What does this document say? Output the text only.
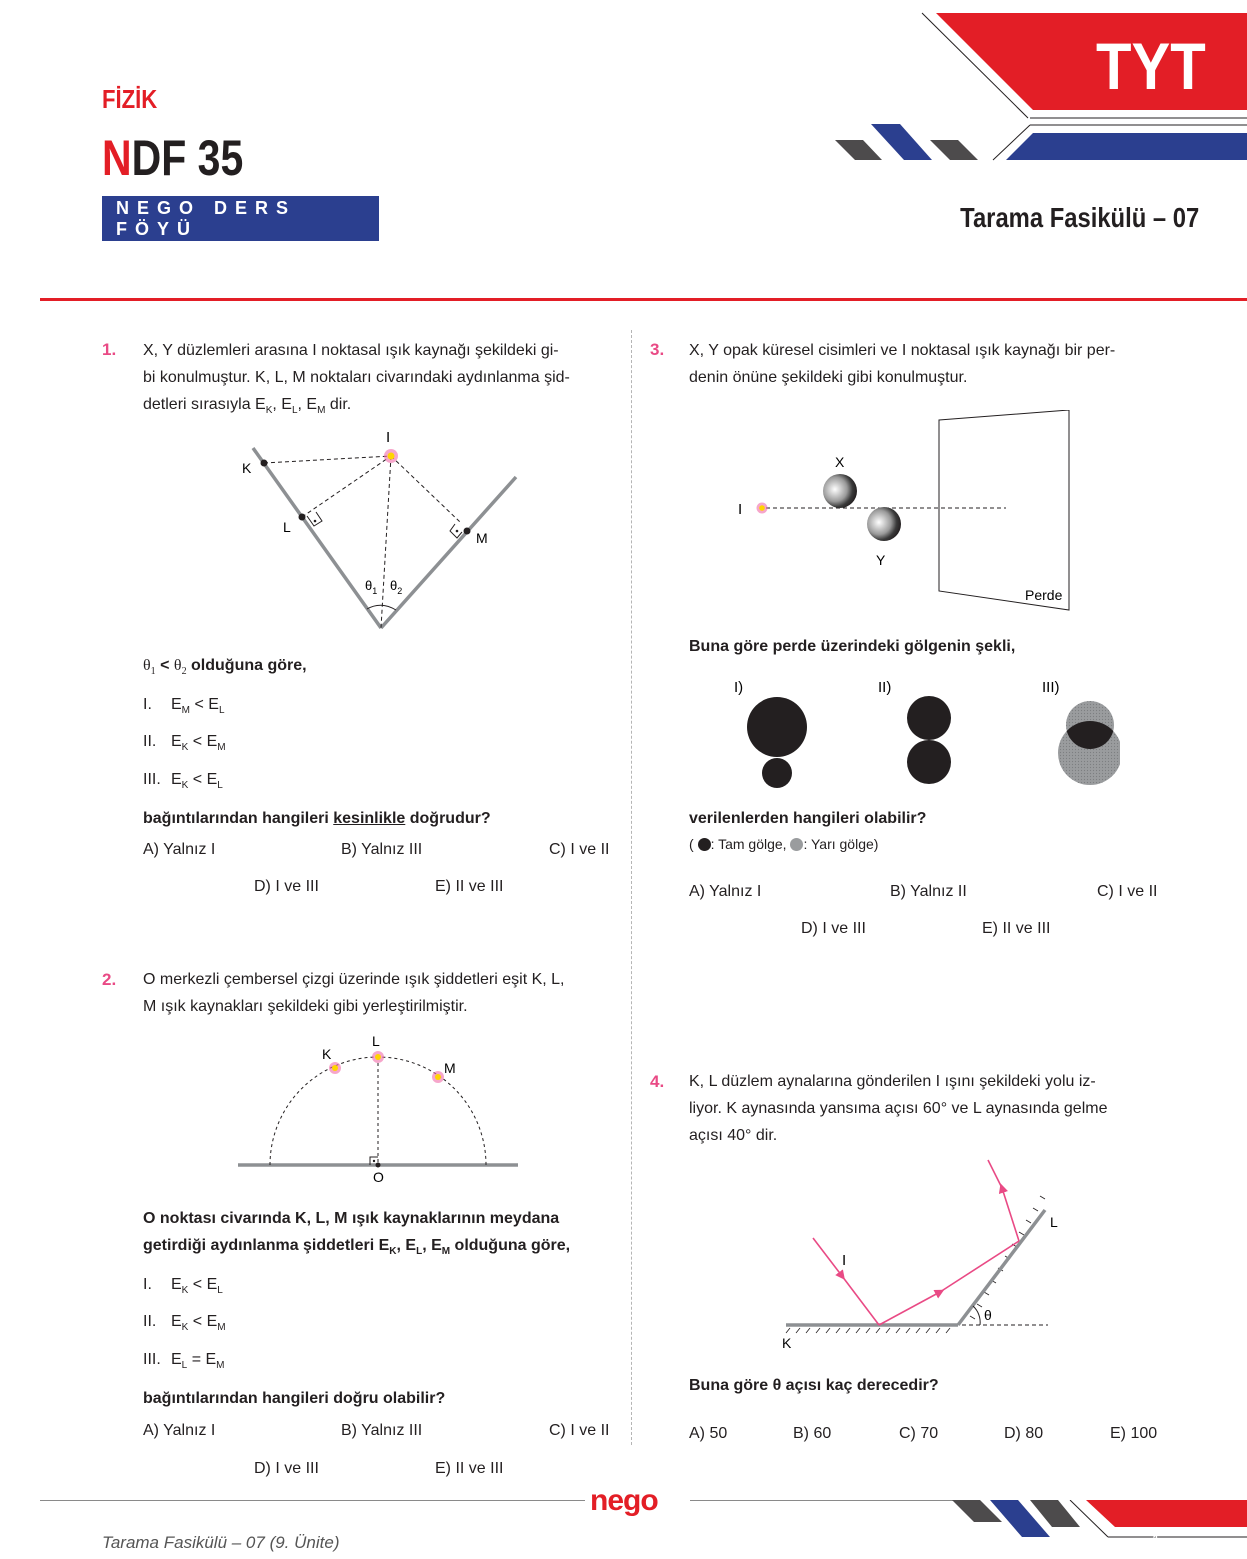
FİZİK
NDF 35
NEGO DERS FÖYÜ
TYT
Tarama Fasikülü – 07
1. X, Y düzlemleri arasına I noktasal ışık kaynağı şekildeki gi-
bi konulmuştur. K, L, M noktaları civarındaki aydınlanma şid-
detleri sırasıyla $E_K$, $E_L$, $E_M$ dir.
I
K
L
M
$\theta_1$ $\theta_2$
$\theta_1 < \theta_2$ olduğuna göre,
I. $E_M < E_L$
II. $E_K < E_M$
III. $E_K < E_L$
bağıntılarından hangileri kesinlikle doğrudur?
A) Yalnız I	B) Yalnız III	C) I ve II
D) I ve III	E) II ve III
2. O merkezli çembersel çizgi üzerinde ışık şiddetleri eşit K, L,
M ışık kaynakları şekildeki gibi yerleştirilmiştir.
K
L
M
O
O noktası civarında K, L, M ışık kaynaklarının meydana
getirdiği aydınlanma şiddetleri $E_K$, $E_L$, $E_M$ olduğuna göre,
I. $E_K < E_L$
II. $E_K < E_M$
III. $E_L = E_M$
bağıntılarından hangileri doğru olabilir?
A) Yalnız I	B) Yalnız III	C) I ve II
D) I ve III	E) II ve III
3. X, Y opak küresel cisimleri ve I noktasal ışık kaynağı bir per-
denin önüne şekildeki gibi konulmuştur.
I
X
Y
Perde
Buna göre perde üzerindeki gölgenin şekli,
I)	II)	III)
verilenlerden hangileri olabilir?
( : Tam gölge, : Yarı gölge)
A) Yalnız I	B) Yalnız II	C) I ve II
D) I ve III	E) II ve III
4. K, L düzlem aynalarına gönderilen I ışını şekildeki yolu iz-
liyor. K aynasında yansıma açısı 60° ve L aynasında gelme
açısı 40° dir.
I
K
L
θ
Buna göre θ açısı kaç derecedir?
A) 50	B) 60	C) 70	D) 80	E) 100
nego
Tarama Fasikülü – 07 (9. Ünite)	1
